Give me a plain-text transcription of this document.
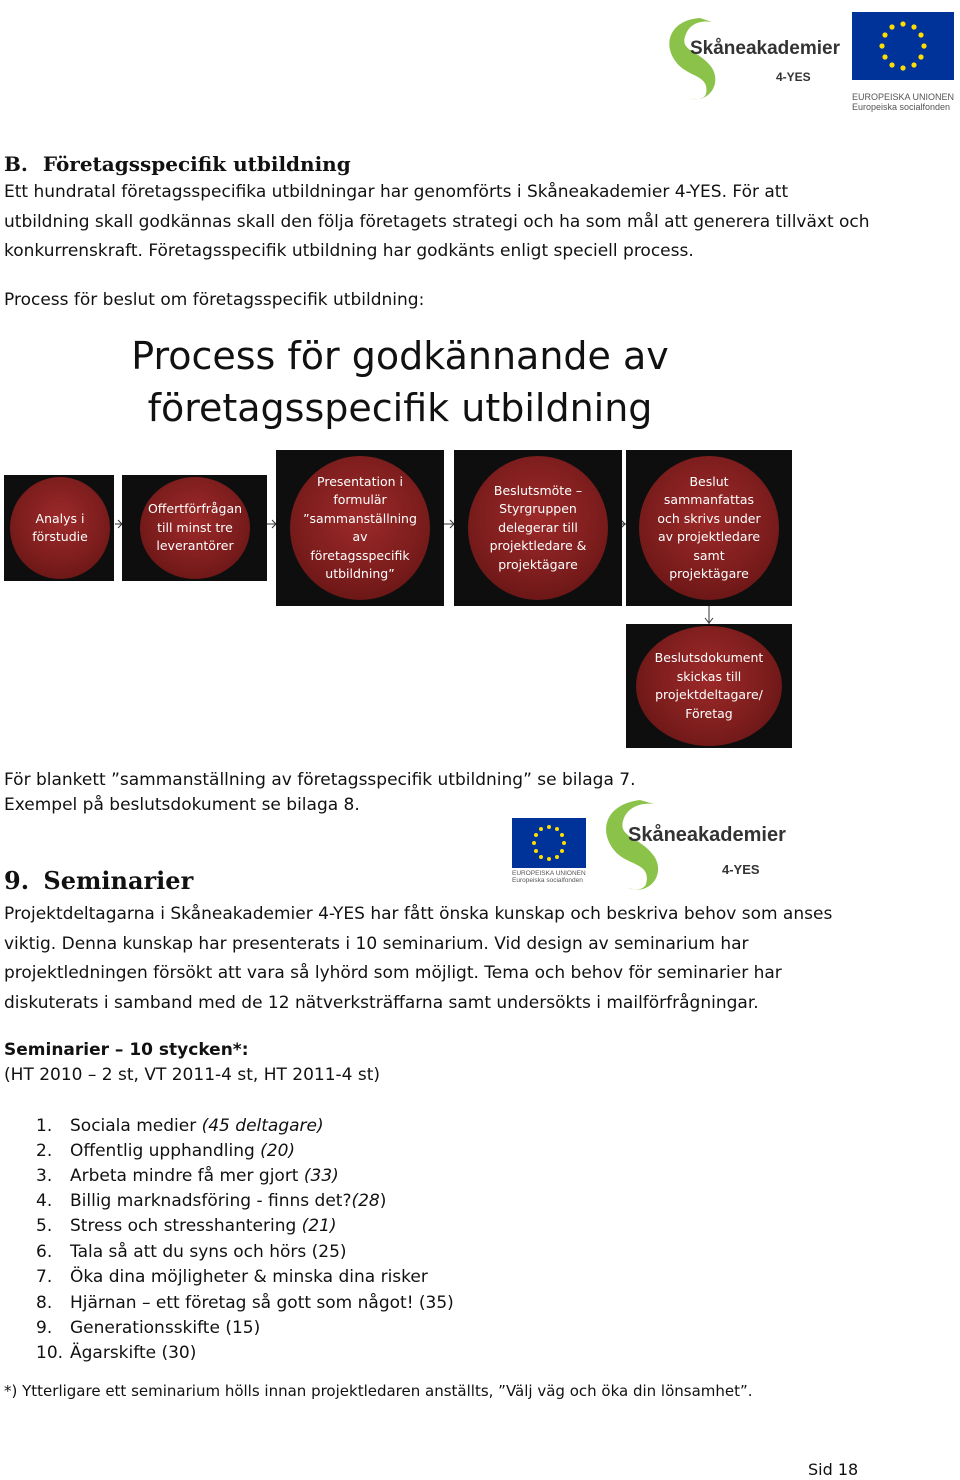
Skåneakademier
4-YES
EUROPEISKA UNIONEN
Europeiska socialfonden
B. Företagsspecifik utbildning
Ett hundratal företagsspecifika utbildningar har genomförts i Skåneakademier 4-YES. För att
utbildning skall godkännas skall den följa företagets strategi och ha som mål att generera tillväxt och
konkurrenskraft. Företagsspecifik utbildning har godkänts enligt speciell process.
Process för beslut om företagsspecifik utbildning:
Process för godkännande av
företagsspecifik utbildning
Analys i
förstudie
Offertförfrågan
till minst tre
leverantörer
Presentation i
formulär
”sammanställning
av
företagsspecifik
utbildning”
Beslutsmöte –
Styrgruppen
delegerar till
projektledare &
projektägare
Beslut
sammanfattas
och skrivs under
av projektledare
samt
projektägare
Beslutsdokument
skickas till
projektdeltagare/
Företag
För blankett ”sammanställning av företagsspecifik utbildning” se bilaga 7.
Exempel på beslutsdokument se bilaga 8.
EUROPEISKA UNIONEN
Europeiska socialfonden
Skåneakademier
4-YES
9. Seminarier
Projektdeltagarna i Skåneakademier 4-YES har fått önska kunskap och beskriva behov som anses
viktig. Denna kunskap har presenterats i 10 seminarium. Vid design av seminarium har
projektledningen försökt att vara så lyhörd som möjligt. Tema och behov för seminarier har
diskuterats i samband med de 12 nätverksträffarna samt undersökts i mailförfrågningar.
Seminarier – 10 stycken*:
(HT 2010 – 2 st, VT 2011-4 st, HT 2011-4 st)
1. Sociala medier (45 deltagare)
2. Offentlig upphandling (20)
3. Arbeta mindre få mer gjort (33)
4. Billig marknadsföring - finns det?(28)
5. Stress och stresshantering (21)
6. Tala så att du syns och hörs (25)
7. Öka dina möjligheter & minska dina risker
8. Hjärnan – ett företag så gott som något! (35)
9. Generationsskifte (15)
10. Ägarskifte (30)
*) Ytterligare ett seminarium hölls innan projektledaren anställts, ”Välj väg och öka din lönsamhet”.
Sid 18
